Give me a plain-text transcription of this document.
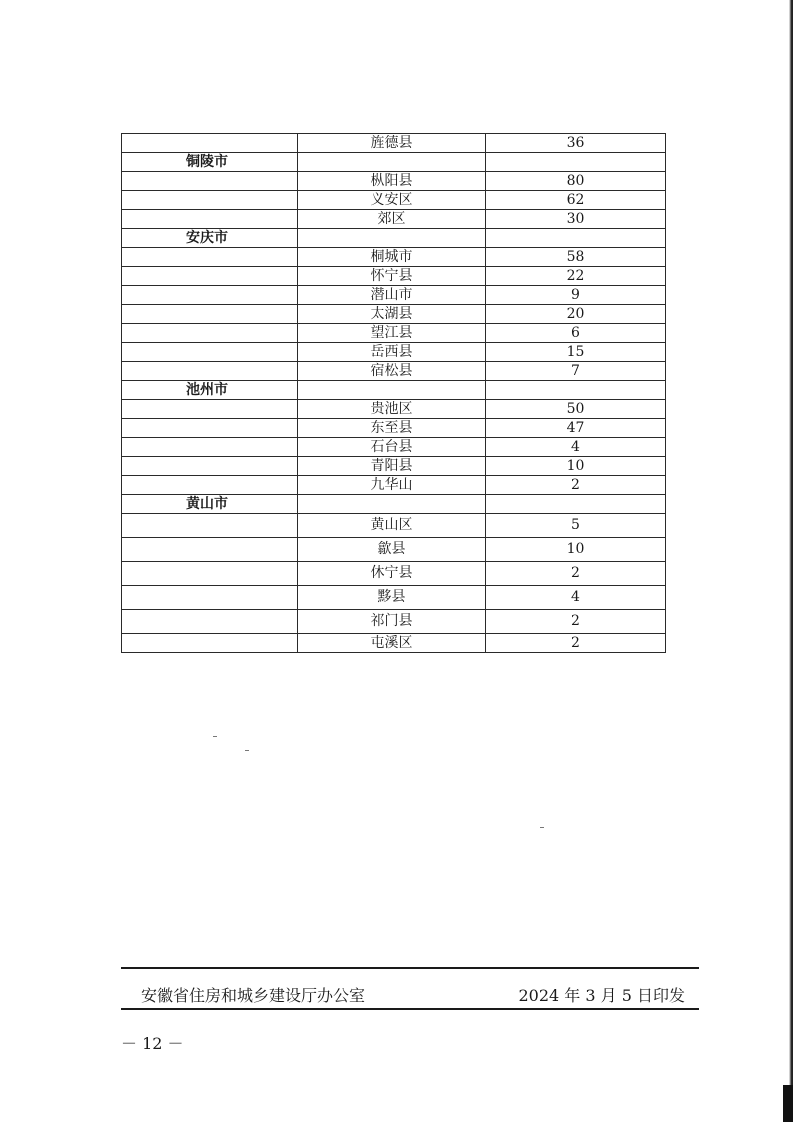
	旌德县	36
铜陵市		
	枞阳县	80
	义安区	62
	郊区	30
安庆市		
	桐城市	58
	怀宁县	22
	潜山市	9
	太湖县	20
	望江县	6
	岳西县	15
	宿松县	7
池州市		
	贵池区	50
	东至县	47
	石台县	4
	青阳县	10
	九华山	2
黄山市		
	黄山区	5
	歙县	10
	休宁县	2
	黟县	4
	祁门县	2
	屯溪区	2
安徽省住房和城乡建设厅办公室	2024 年 3 月 5 日印发
－ 12 －
